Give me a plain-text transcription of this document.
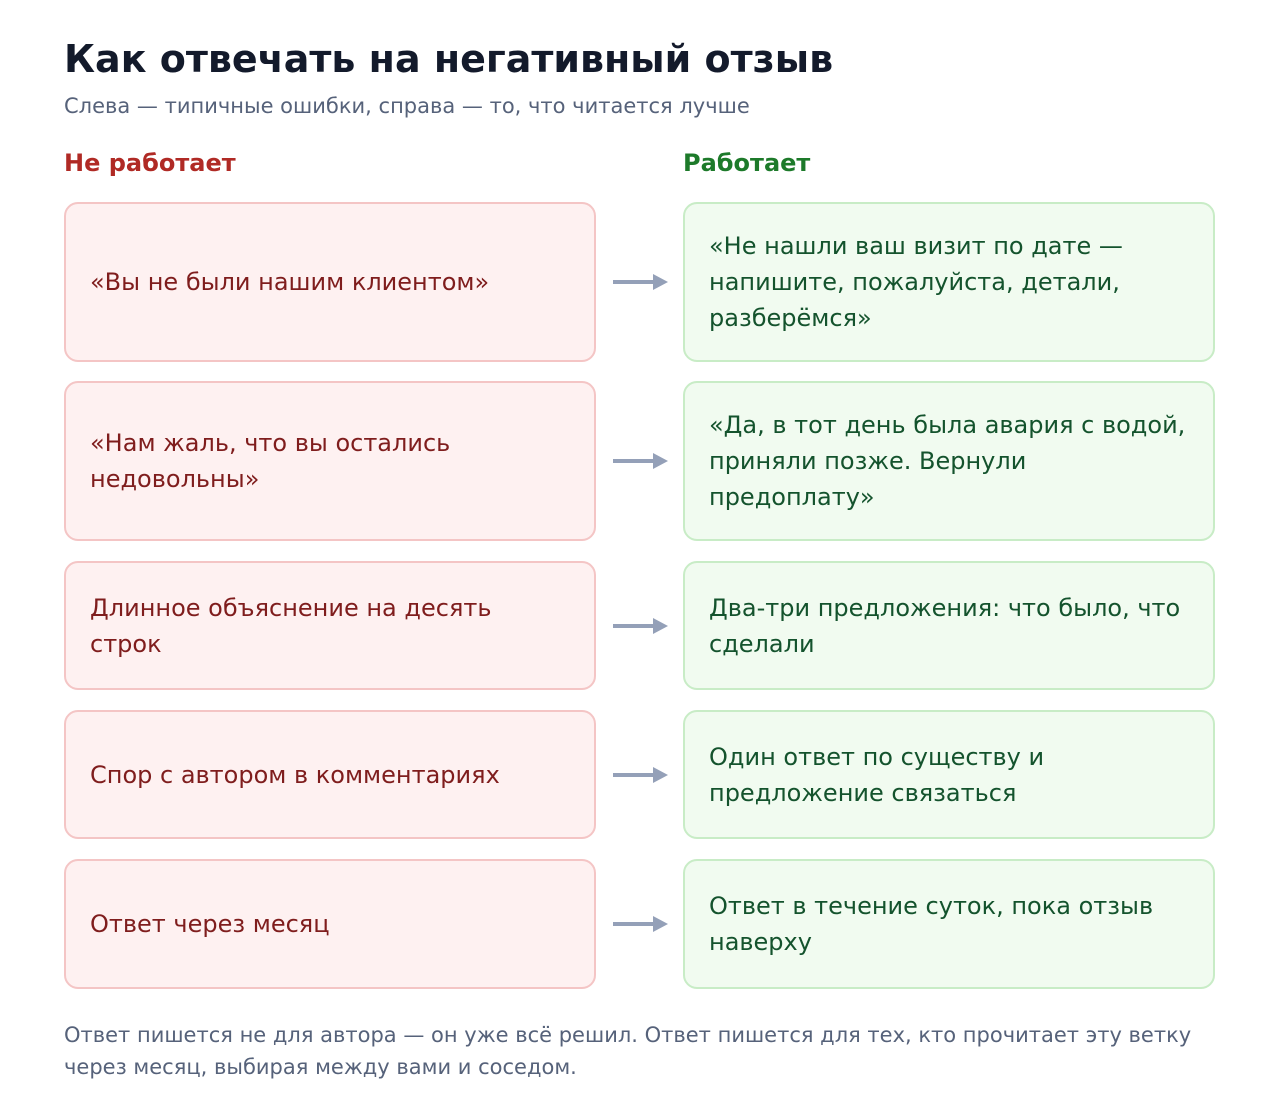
Как отвечать на негативный отзыв
Слева — типичные ошибки, справа — то, что читается лучше
Не работает	Работает
«Вы не были нашим клиентом»
«Не нашли ваш визит по дате — напишите, пожалуйста, детали, разберёмся»
«Нам жаль, что вы остались недовольны»
«Да, в тот день была авария с водой, приняли позже. Вернули предоплату»
Длинное объяснение на десять строк
Два-три предложения: что было, что сделали
Спор с автором в комментариях
Один ответ по существу и предложение связаться
Ответ через месяц
Ответ в течение суток, пока отзыв наверху
Ответ пишется не для автора — он уже всё решил. Ответ пишется для тех, кто прочитает эту ветку через месяц, выбирая между вами и соседом.
